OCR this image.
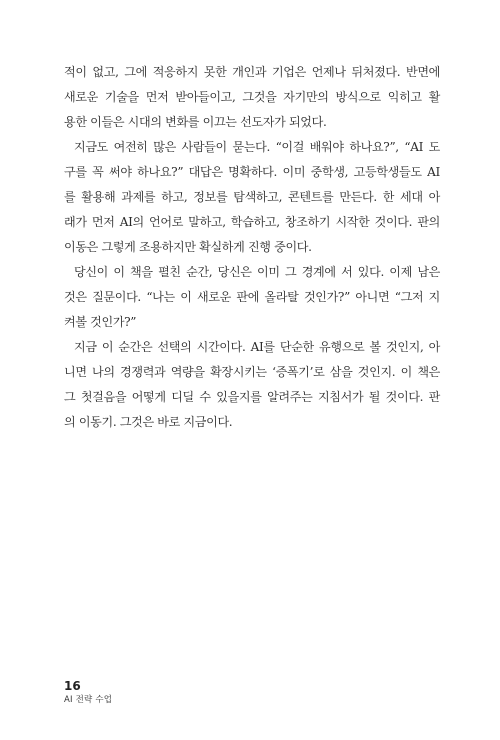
적이 없고, 그에 적응하지 못한 개인과 기업은 언제나 뒤처졌다. 반면에
새로운 기술을 먼저 받아들이고, 그것을 자기만의 방식으로 익히고 활
용한 이들은 시대의 변화를 이끄는 선도자가 되었다.
지금도 여전히 많은 사람들이 묻는다. “이걸 배워야 하나요?”, “AI 도
구를 꼭 써야 하나요?” 대답은 명확하다. 이미 중학생, 고등학생들도 AI
를 활용해 과제를 하고, 정보를 탐색하고, 콘텐트를 만든다. 한 세대 아
래가 먼저 AI의 언어로 말하고, 학습하고, 창조하기 시작한 것이다. 판의
이동은 그렇게 조용하지만 확실하게 진행 중이다.
당신이 이 책을 펼친 순간, 당신은 이미 그 경계에 서 있다. 이제 남은
것은 질문이다. “나는 이 새로운 판에 올라탈 것인가?” 아니면 “그저 지
켜볼 것인가?”
지금 이 순간은 선택의 시간이다. AI를 단순한 유행으로 볼 것인지, 아
니면 나의 경쟁력과 역량을 확장시키는 ‘증폭기’로 삼을 것인지. 이 책은
그 첫걸음을 어떻게 디딜 수 있을지를 알려주는 지침서가 될 것이다. 판
의 이동기. 그것은 바로 지금이다.
16
AI 전략 수업
